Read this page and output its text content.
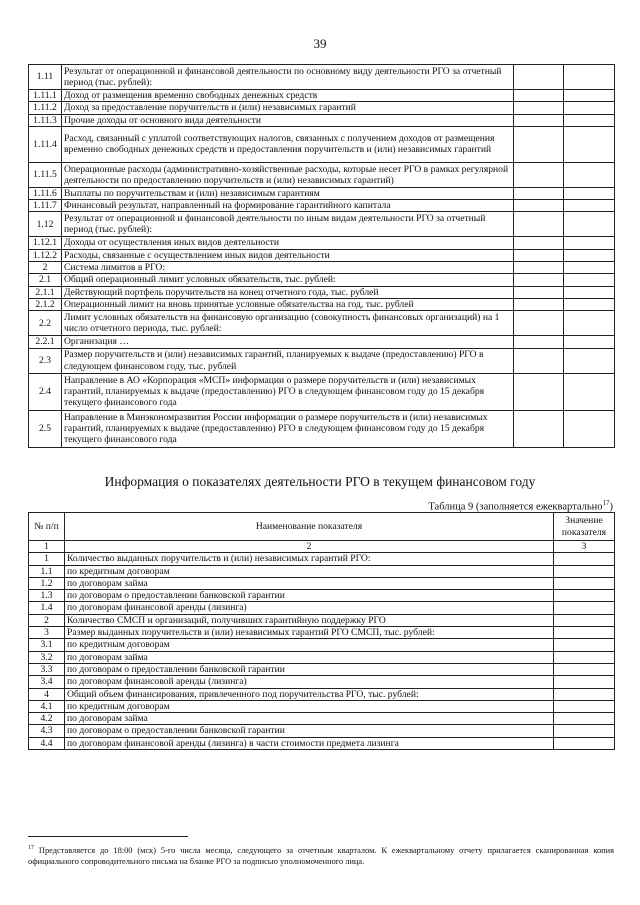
39
1.11	Результат от операционной и финансовой деятельности по основному виду деятельности РГО за отчетный период (тыс. рублей):		
1.11.1	Доход от размещения временно свободных денежных средств		
1.11.2	Доход за предоставление поручительств и (или) независимых гарантий		
1.11.3	Прочие доходы от основного вида деятельности		
1.11.4	Расход, связанный с уплатой соответствующих налогов, связанных с получением доходов от размещения временно свободных денежных средств и предоставления поручительств и (или) независимых гарантий		
1.11.5	Операционные расходы (административно-хозяйственные расходы, которые несет РГО в рамках регулярной деятельности по предоставлению поручительств и (или) независимых гарантий)		
1.11.6	Выплаты по поручительствам и (или) независимым гарантиям		
1.11.7	Финансовый результат, направленный на формирование гарантийного капитала		
1.12	Результат от операционной и финансовой деятельности по иным видам деятельности РГО за отчетный период (тыс. рублей):		
1.12.1	Доходы от осуществления иных видов деятельности		
1.12.2	Расходы, связанные с осуществлением иных видов деятельности		
2	Система лимитов в РГО:		
2.1	Общий операционный лимит условных обязательств, тыс. рублей:		
2.1.1	Действующий портфель поручительств на конец отчетного года, тыс. рублей		
2.1.2	Операционный лимит на вновь принятые условные обязательства на год, тыс. рублей		
2.2	Лимит условных обязательств на финансовую организацию (совокупность финансовых организаций) на 1 число отчетного периода, тыс. рублей:		
2.2.1	Организация …		
2.3	Размер поручительств и (или) независимых гарантий, планируемых к выдаче (предоставлению) РГО в следующем финансовом году, тыс. рублей		
2.4	Направление в АО «Корпорация «МСП» информации о размере поручительств и (или) независимых гарантий, планируемых к выдаче (предоставлению) РГО в следующем финансовом году до 15 декабря текущего финансового года		
2.5	Направление в Минэкономразвития России информации о размере поручительств и (или) независимых гарантий, планируемых к выдаче (предоставлению) РГО в следующем финансовом году до 15 декабря текущего финансового года		
Информация о показателях деятельности РГО в текущем финансовом году
Таблица 9 (заполняется ежеквартально$^{17}$)
№ п/п	Наименование показателя	Значение показателя
1	2	3
1	Количество выданных поручительств и (или) независимых гарантий РГО:	
1.1	по кредитным договорам	
1.2	по договорам займа	
1.3	по договорам о предоставлении банковской гарантии	
1.4	по договорам финансовой аренды (лизинга)	
2	Количество СМСП и организаций, получивших гарантийную поддержку РГО	
3	Размер выданных поручительств и (или) независимых гарантий РГО СМСП, тыс. рублей:	
3.1	по кредитным договорам	
3.2	по договорам займа	
3.3	по договорам о предоставлении банковской гарантии	
3.4	по договорам финансовой аренды (лизинга)	
4	Общий объем финансирования, привлеченного под поручительства РГО, тыс. рублей:	
4.1	по кредитным договорам	
4.2	по договорам займа	
4.3	по договорам о предоставлении банковской гарантии	
4.4	по договорам финансовой аренды (лизинга) в части стоимости предмета лизинга	
$^{17}$ Представляется до 18:00 (мск) 5-го числа месяца, следующего за отчетным кварталом. К ежеквартальному отчету прилагается сканированная копия официального сопроводительного письма на бланке РГО за подписью уполномоченного лица.
